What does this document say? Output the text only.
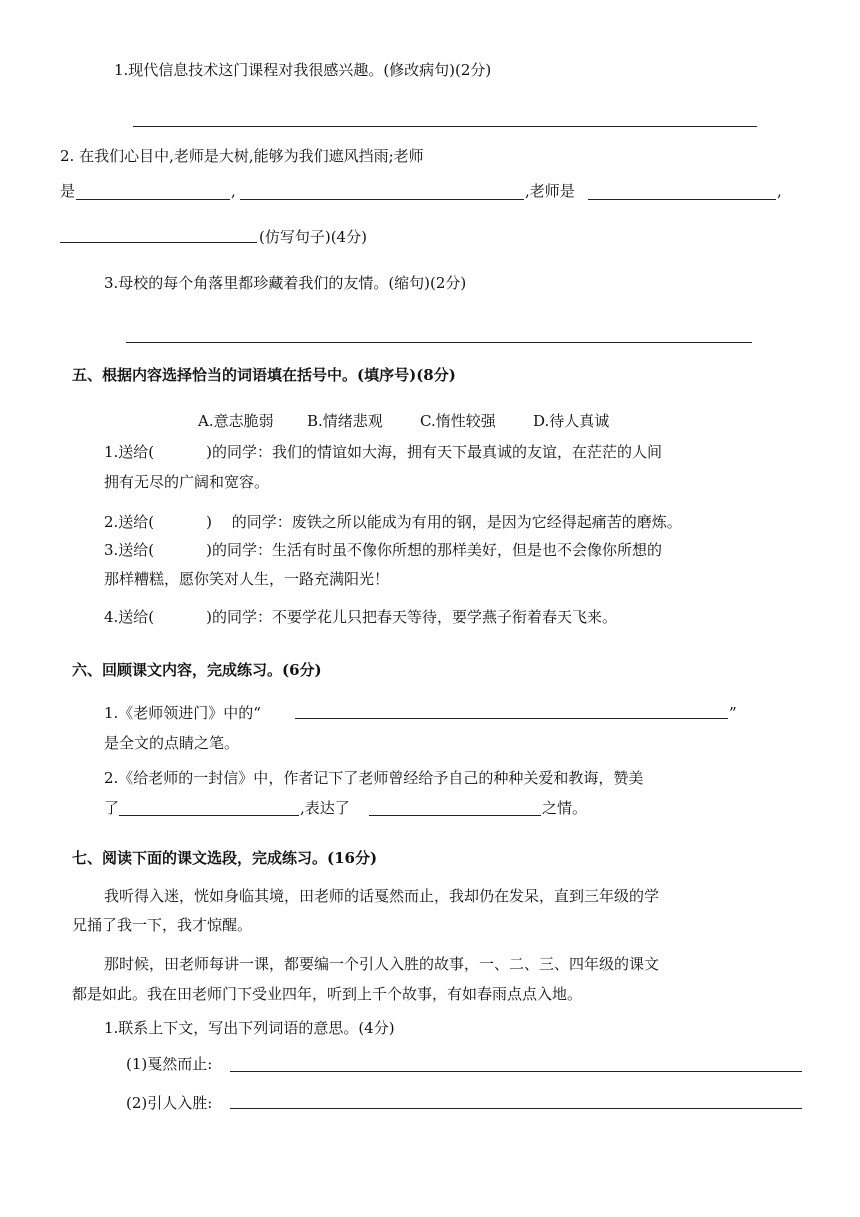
1.现代信息技术这门课程对我很感兴趣。(修改病句)(2分)
2. 在我们心目中,老师是大树,能够为我们遮风挡雨;老师
是	,	,老师是	,
(仿写句子)(4分)
3.母校的每个角落里都珍藏着我们的友情。(缩句)(2分)
五、根据内容选择恰当的词语填在括号中。(填序号)(8分)
A.意志脆弱 B.情绪悲观 C.惰性较强 D.待人真诚
1.送给(	)的同学：我们的情谊如大海，拥有天下最真诚的友谊，在茫茫的人间
拥有无尽的广阔和宽容。
2.送给(	)　 的同学：废铁之所以能成为有用的钢，是因为它经得起痛苦的磨炼。
3.送给(	)的同学：生活有时虽不像你所想的那样美好，但是也不会像你所想的
那样糟糕，愿你笑对人生，一路充满阳光！
4.送给(	)的同学：不要学花儿只把春天等待，要学燕子衔着春天飞来。
六、回顾课文内容，完成练习。(6分)
1.《老师领进门》中的“	”
是全文的点睛之笔。
2.《给老师的一封信》中，作者记下了老师曾经给予自己的种种关爱和教诲，赞美
了	,表达了	之情。
七、阅读下面的课文选段，完成练习。(16分)
我听得入迷，恍如身临其境，田老师的话戛然而止，我却仍在发呆，直到三年级的学
兄捅了我一下，我才惊醒。
那时候，田老师每讲一课，都要编一个引人入胜的故事，一、二、三、四年级的课文
都是如此。我在田老师门下受业四年，听到上千个故事，有如春雨点点入地。
1.联系上下文，写出下列词语的意思。(4分)
(1)戛然而止:
(2)引人入胜:
